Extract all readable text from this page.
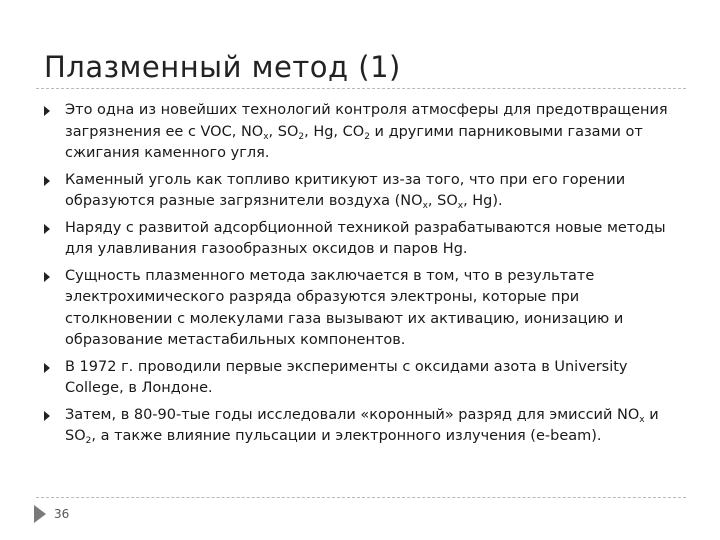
Плазменный метод (1)
Это одна из новейших технологий контроля атмосферы для предотвращения загрязнения ее с VOC, $NO_x$, $SO_2$, Hg, $CO_2$ и другими парниковыми газами от сжигания каменного угля.
Каменный уголь как топливо критикуют из-за того, что при его горении образуются разные загрязнители воздуха ($NO_x$, $SO_x$, Hg).
Наряду с развитой адсорбционной техникой разрабатываются новые методы для улавливания газообразных оксидов и паров Hg.
Сущность плазменного метода заключается в том, что в результате электрохимического разряда образуются электроны, которые при столкновении с молекулами газа вызывают их активацию, ионизацию и образование метастабильных компонентов.
В 1972 г. проводили первые эксперименты с оксидами азота в University College, в Лондоне.
Затем, в 80-90-тые годы исследовали «коронный» разряд для эмиссий $NO_x$ и $SO_2$, а также влияние пульсации и электронного излучения (e-beam).
36
